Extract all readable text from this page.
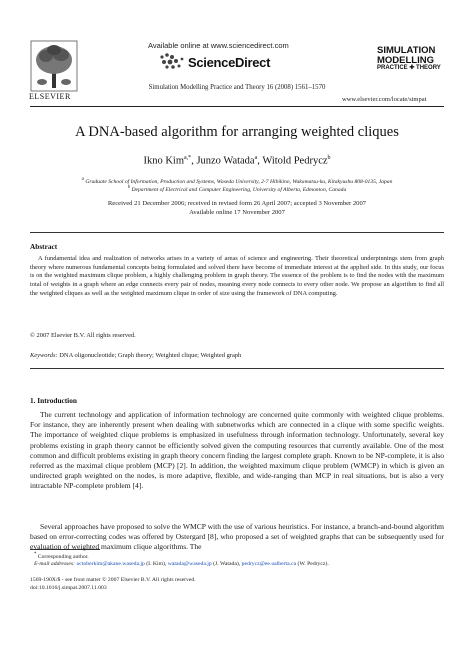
ELSEVIER
Available online at www.sciencedirect.com
ScienceDirect
Simulation Modelling Practice and Theory 16 (2008) 1561–1570
SIMULATION
MODELLING

PRACTICE ✚ THEORY
www.elsevier.com/locate/simpat
A DNA-based algorithm for arranging weighted cliques
Ikno Kim$^{a,*}$, Junzo Watada$^a$, Witold Pedrycz$^b$
$^a$ Graduate School of Information, Production and Systems, Waseda University, 2-7 Hibikino, Wakamatsu-ku, Kitakyushu 808-0135, Japan
$^b$ Department of Electrical and Computer Engineering, University of Alberta, Edmonton, Canada
Received 21 December 2006; received in revised form 26 April 2007; accepted 3 November 2007
Available online 17 November 2007
Abstract
A fundamental idea and realization of networks arises in a variety of areas of science and engineering. Their theoretical underpinnings stem from graph theory where numerous fundamental concepts being formulated and solved there have become of immediate interest at the applied side. In this study, our focus is on the weighted maximum clique problem, a highly challenging problem in graph theory. The essence of the problem is to find the nodes with the maximum total of weights in a graph where an edge connects every pair of nodes, meaning every node connects to every other node. We propose an algorithm to find all the weighted cliques as well as the weighted maximum clique in order of size using the framework of DNA computing.
© 2007 Elsevier B.V. All rights reserved.
Keywords: DNA oligonucleotide; Graph theory; Weighted clique; Weighted graph
1. Introduction
The current technology and application of information technology are concerned quite commonly with weighted clique problems. For instance, they are inherently present when dealing with subnetworks which are connected in a clique with some specific weights. The importance of weighted clique problems is emphasized in usefulness through information technology. Unfortunately, several key problems existing in graph theory cannot be efficiently solved given the computing resources that currently available. One of the most common and difficult problems existing in graph theory concern finding the largest complete graph. Known to be NP-complete, it is also referred as the maximal clique problem (MCP) [2]. In addition, the weighted maximum clique problem (WMCP) in which is given an undirected graph weighted on the nodes, is more adaptive, flexible, and wide-ranging than MCP in real situations, but is also a very intractable NP-complete problem [4].
Several approaches have proposed to solve the WMCP with the use of various heuristics. For instance, a branch-and-bound algorithm based on error-correcting codes was offered by Ostergard [8], who proposed a set of weighted graphs that can be subsequently used for evaluation of weighted maximum clique algorithms. The
* Corresponding author.
E-mail addresses: octoberkim@akane.waseda.jp (I. Kim), watada@waseda.jp (J. Watada), pedrycz@ee.ualberta.ca (W. Pedrycz).
1569-190X/$ - see front matter © 2007 Elsevier B.V. All rights reserved.
doi:10.1016/j.simpat.2007.11.003
